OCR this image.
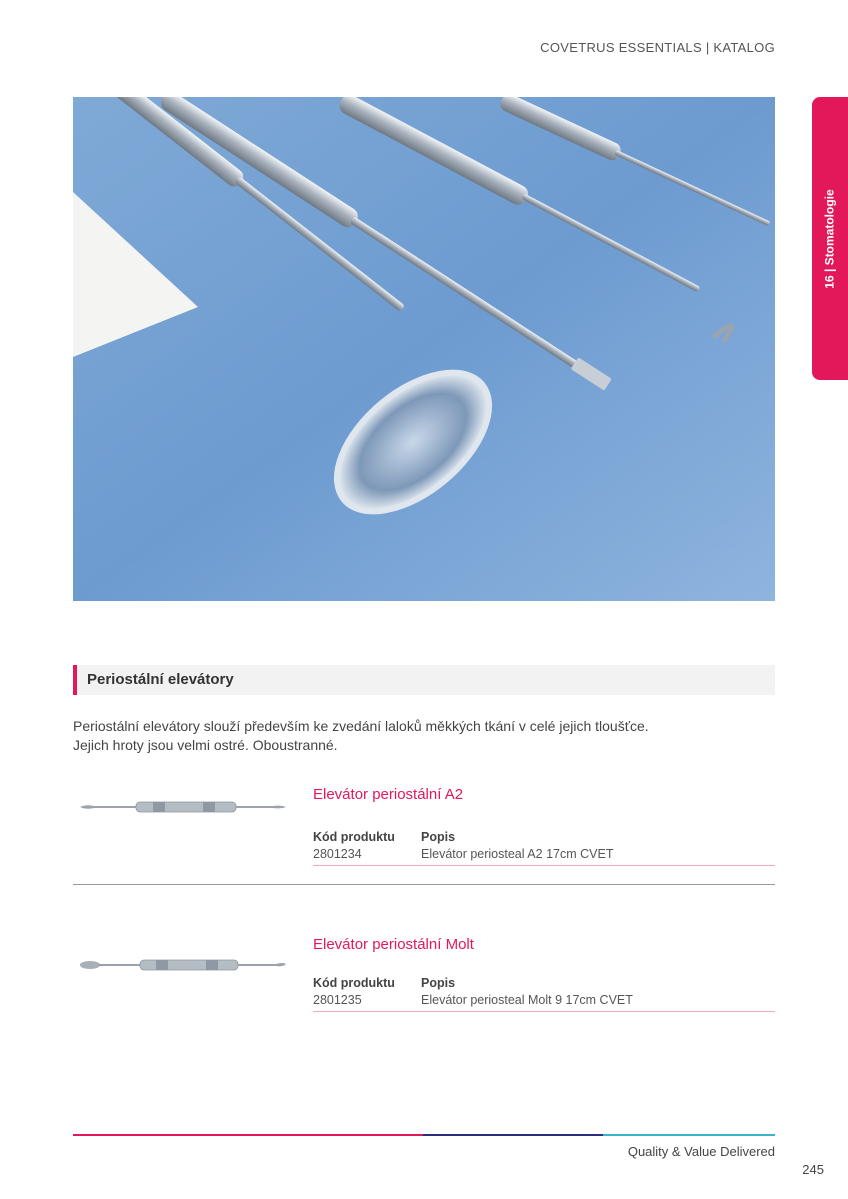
COVETRUS ESSENTIALS | KATALOG
16 | Stomatologie
Periostální elevátory

Periostální elevátory slouží především ke zvedání laloků měkkých tkání v celé jejich tloušťce.

Jejich hroty jsou velmi ostré. Oboustranné.

Elevátor periostální A2
Kód produktu	Popis
2801234	Elevátor periosteal A2 17cm CVET
Elevátor periostální Molt
Kód produktu	Popis
2801235	Elevátor periosteal Molt 9 17cm CVET
Quality & Value Delivered
245
